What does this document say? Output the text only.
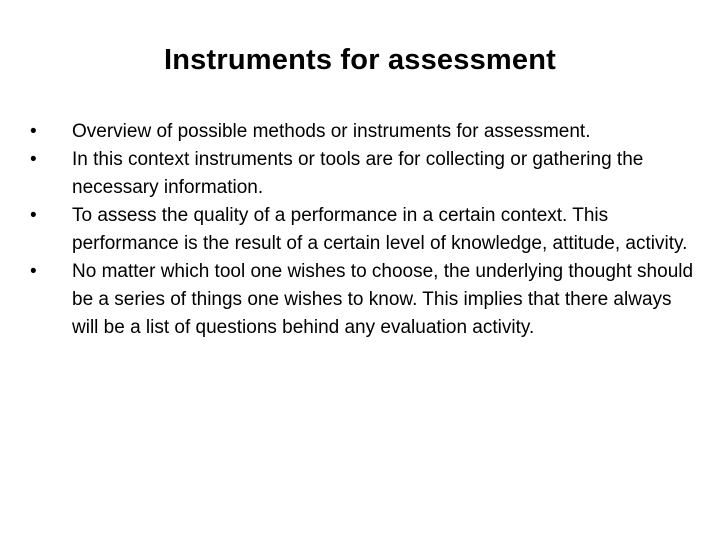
Instruments for assessment
•	Overview of possible methods or instruments for assessment.
•	In this context instruments or tools are for collecting or gathering the necessary information.
•	To assess the quality of a performance in a certain context. This performance is the result of a certain level of knowledge, attitude, activity.
•	No matter which tool one wishes to choose, the underlying thought should be a series of things one wishes to know. This implies that there always will be a list of questions behind any evaluation activity.
